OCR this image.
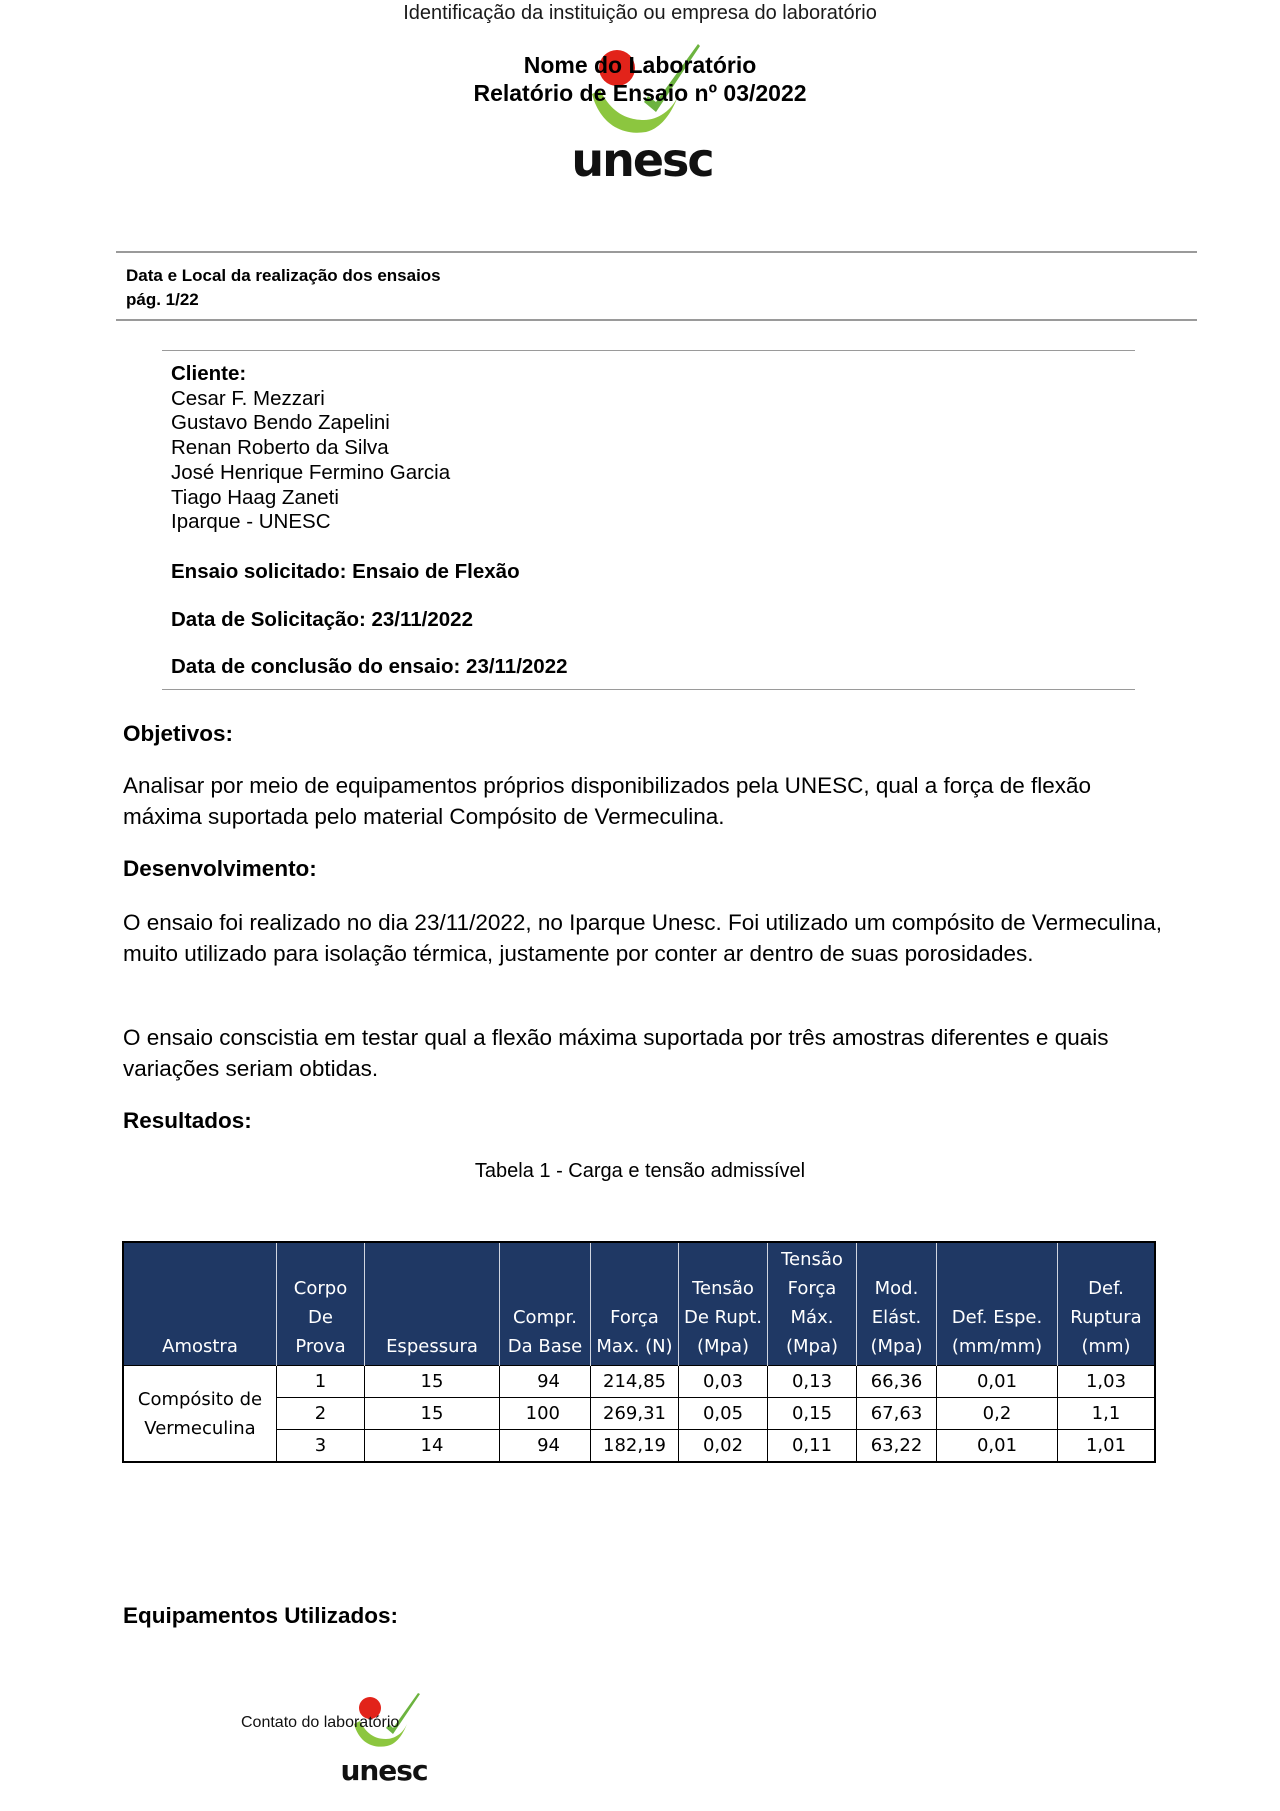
Identificação da instituição ou empresa do laboratório
unesc
Nome do Laboratório
Relatório de Ensaio nº 03/2022
Data e Local da realização dos ensaios
pág. 1/22
Cliente:
Cesar F. Mezzari
Gustavo Bendo Zapelini
Renan Roberto da Silva
José Henrique Fermino Garcia
Tiago Haag Zaneti
Iparque - UNESC
Ensaio solicitado: Ensaio de Flexão
Data de Solicitação: 23/11/2022
Data de conclusão do ensaio: 23/11/2022
Objetivos:
Analisar por meio de equipamentos próprios disponibilizados pela UNESC, qual a força de flexão máxima suportada pelo material Compósito de Vermeculina.
Desenvolvimento:
O ensaio foi realizado no dia 23/11/2022, no Iparque Unesc. Foi utilizado um compósito de Vermeculina, muito utilizado para isolação térmica, justamente por conter ar dentro de suas porosidades.
O ensaio conscistia em testar qual a flexão máxima suportada por três amostras diferentes e quais variações seriam obtidas.
Resultados:
Tabela 1 - Carga e tensão admissível
Amostra	Corpo De Prova	Espessura	Compr. Da Base	Força Max. (N)	Tensão De Rupt. (Mpa)	Tensão Força Máx. (Mpa)	Mod. Elást. (Mpa)	Def. Espe. (mm/mm)	Def. Ruptura (mm)
Compósito de Vermeculina	1	15	94	214,85	0,03	0,13	66,36	0,01	1,03
	2	15	100	269,31	0,05	0,15	67,63	0,2	1,1
	3	14	94	182,19	0,02	0,11	63,22	0,01	1,01
Equipamentos Utilizados:
unesc
Contato do laboratório
